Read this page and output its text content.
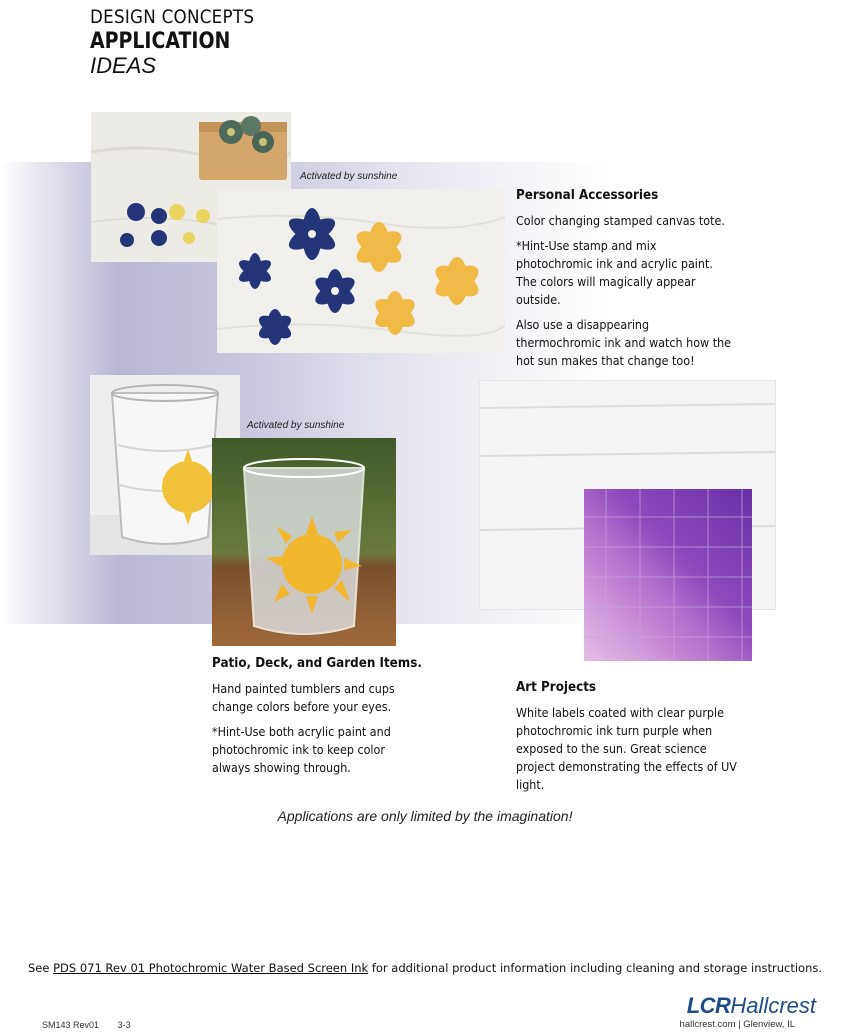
DESIGN CONCEPTS
APPLICATION
IDEAS
Activated by sunshine
Personal Accessories

Color changing stamped canvas tote.

*Hint-Use stamp and mix photochromic ink and acrylic paint. The colors will magically appear outside.

Also use a disappearing thermochromic ink and watch how the hot sun makes that change too!

Activated by sunshine
Patio, Deck, and Garden Items.

Hand painted tumblers and cups change colors before your eyes.

*Hint-Use both acrylic paint and photochromic ink to keep color always showing through.

Art Projects

White labels coated with clear purple photochromic ink turn purple when exposed to the sun. Great science project demonstrating the effects of UV light.

Applications are only limited by the imagination!
See PDS 071 Rev 01 Photochromic Water Based Screen Ink for additional product information including cleaning and storage instructions.
SM143 Rev01 3-3
LCRHallcrest
hallcrest.com | Glenview, IL
